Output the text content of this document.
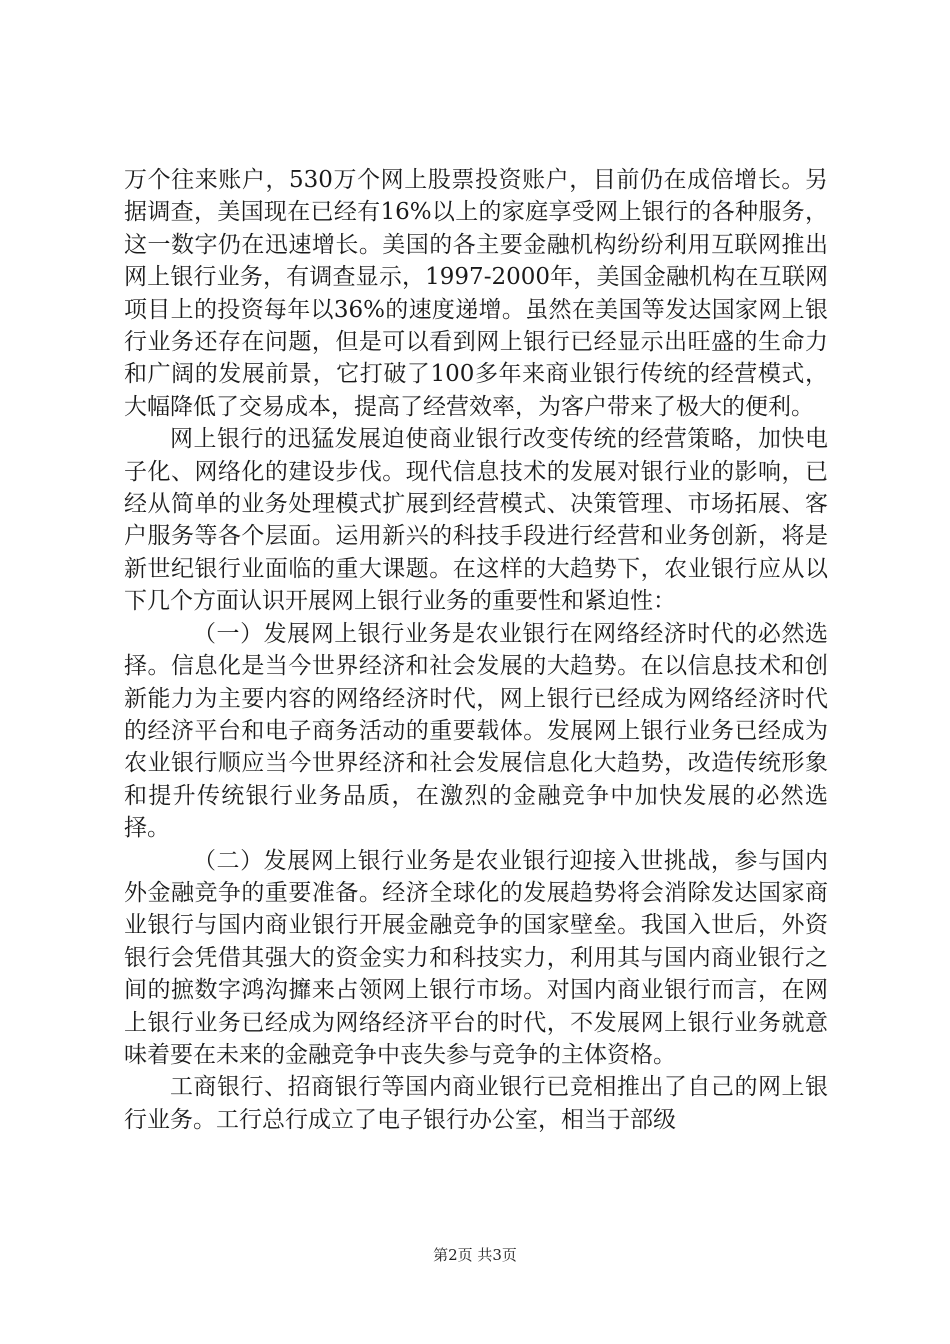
万个往来账户，530万个网上股票投资账户，目前仍在成倍增长。另据调查，美国现在已经有16%以上的家庭享受网上银行的各种服务，这一数字仍在迅速增长。美国的各主要金融机构纷纷利用互联网推出网上银行业务，有调查显示，1997-2000年，美国金融机构在互联网项目上的投资每年以36%的速度递增。虽然在美国等发达国家网上银行业务还存在问题，但是可以看到网上银行已经显示出旺盛的生命力和广阔的发展前景，它打破了100多年来商业银行传统的经营模式，大幅降低了交易成本，提高了经营效率，为客户带来了极大的便利。

网上银行的迅猛发展迫使商业银行改变传统的经营策略，加快电子化、网络化的建设步伐。现代信息技术的发展对银行业的影响，已经从简单的业务处理模式扩展到经营模式、决策管理、市场拓展、客户服务等各个层面。运用新兴的科技手段进行经营和业务创新，将是新世纪银行业面临的重大课题。在这样的大趋势下，农业银行应从以下几个方面认识开展网上银行业务的重要性和紧迫性：

（一）发展网上银行业务是农业银行在网络经济时代的必然选择。信息化是当今世界经济和社会发展的大趋势。在以信息技术和创新能力为主要内容的网络经济时代，网上银行已经成为网络经济时代的经济平台和电子商务活动的重要载体。发展网上银行业务已经成为农业银行顺应当今世界经济和社会发展信息化大趋势，改造传统形象和提升传统银行业务品质，在激烈的金融竞争中加快发展的必然选择。

（二）发展网上银行业务是农业银行迎接入世挑战，参与国内外金融竞争的重要准备。经济全球化的发展趋势将会消除发达国家商业银行与国内商业银行开展金融竞争的国家壁垒。我国入世后，外资银行会凭借其强大的资金实力和科技实力，利用其与国内商业银行之间的摭数字鸿沟攠来占领网上银行市场。对国内商业银行而言，在网上银行业务已经成为网络经济平台的时代，不发展网上银行业务就意味着要在未来的金融竞争中丧失参与竞争的主体资格。

工商银行、招商银行等国内商业银行已竞相推出了自己的网上银行业务。工行总行成立了电子银行办公室，相当于部级

第2页 共3页
